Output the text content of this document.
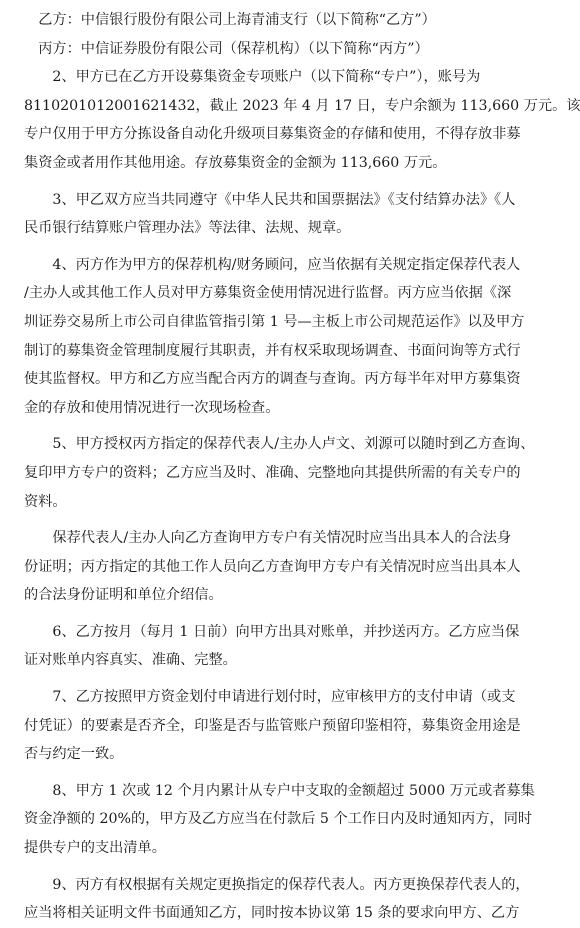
乙方：中信银行股份有限公司上海青浦支行（以下简称“乙方”）
丙方：中信证券股份有限公司（保荐机构）（以下简称“丙方”）
2、甲方已在乙方开设募集资金专项账户（以下简称“专户”），账号为
8110201012001621432，截止 2023 年 4 月 17 日，专户余额为 113,660 万元。该
专户仅用于甲方分拣设备自动化升级项目募集资金的存储和使用，不得存放非募
集资金或者用作其他用途。存放募集资金的金额为 113,660 万元。
3、甲乙双方应当共同遵守《中华人民共和国票据法》《支付结算办法》《人
民币银行结算账户管理办法》等法律、法规、规章。
4、丙方作为甲方的保荐机构/财务顾问，应当依据有关规定指定保荐代表人
/主办人或其他工作人员对甲方募集资金使用情况进行监督。丙方应当依据《深
圳证券交易所上市公司自律监管指引第 1 号—主板上市公司规范运作》以及甲方
制订的募集资金管理制度履行其职责，并有权采取现场调查、书面问询等方式行
使其监督权。甲方和乙方应当配合丙方的调查与查询。丙方每半年对甲方募集资
金的存放和使用情况进行一次现场检查。
5、甲方授权丙方指定的保荐代表人/主办人卢文、刘源可以随时到乙方查询、
复印甲方专户的资料；乙方应当及时、准确、完整地向其提供所需的有关专户的
资料。
保荐代表人/主办人向乙方查询甲方专户有关情况时应当出具本人的合法身
份证明；丙方指定的其他工作人员向乙方查询甲方专户有关情况时应当出具本人
的合法身份证明和单位介绍信。
6、乙方按月（每月 1 日前）向甲方出具对账单，并抄送丙方。乙方应当保
证对账单内容真实、准确、完整。
7、乙方按照甲方资金划付申请进行划付时，应审核甲方的支付申请（或支
付凭证）的要素是否齐全，印鉴是否与监管账户预留印鉴相符，募集资金用途是
否与约定一致。
8、甲方 1 次或 12 个月内累计从专户中支取的金额超过 5000 万元或者募集
资金净额的 20%的，甲方及乙方应当在付款后 5 个工作日内及时通知丙方，同时
提供专户的支出清单。
9、丙方有权根据有关规定更换指定的保荐代表人。丙方更换保荐代表人的，
应当将相关证明文件书面通知乙方，同时按本协议第 15 条的要求向甲方、乙方
